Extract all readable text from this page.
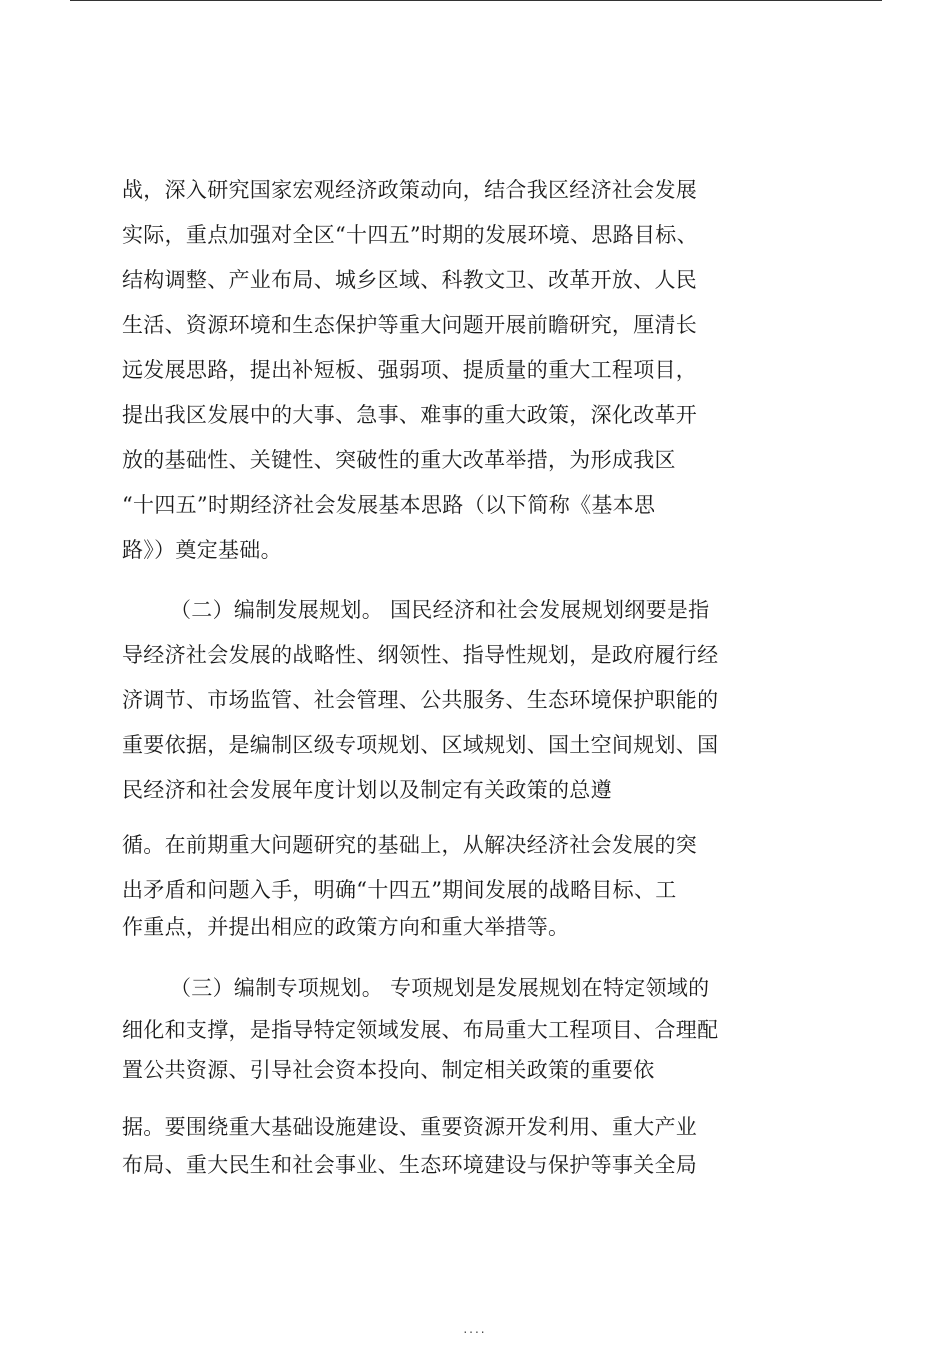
战，深入研究国家宏观经济政策动向，结合我区经济社会发展
实际，重点加强对全区“十四五”时期的发展环境、思路目标、
结构调整、产业布局、城乡区域、科教文卫、改革开放、人民
生活、资源环境和生态保护等重大问题开展前瞻研究，厘清长
远发展思路，提出补短板、强弱项、提质量的重大工程项目，
提出我区发展中的大事、急事、难事的重大政策，深化改革开
放的基础性、关键性、突破性的重大改革举措，为形成我区
“十四五”时期经济社会发展基本思路（以下简称《基本思
路》）奠定基础。
（二）编制发展规划。 国民经济和社会发展规划纲要是指
导经济社会发展的战略性、纲领性、指导性规划，是政府履行经
济调节、市场监管、社会管理、公共服务、生态环境保护职能的
重要依据，是编制区级专项规划、区域规划、国土空间规划、国
民经济和社会发展年度计划以及制定有关政策的总遵
循。在前期重大问题研究的基础上，从解决经济社会发展的突
出矛盾和问题入手，明确“十四五”期间发展的战略目标、工
作重点，并提出相应的政策方向和重大举措等。
（三）编制专项规划。 专项规划是发展规划在特定领域的
细化和支撑，是指导特定领域发展、布局重大工程项目、合理配
置公共资源、引导社会资本投向、制定相关政策的重要依
据。要围绕重大基础设施建设、重要资源开发利用、重大产业
布局、重大民生和社会事业、生态环境建设与保护等事关全局
....
